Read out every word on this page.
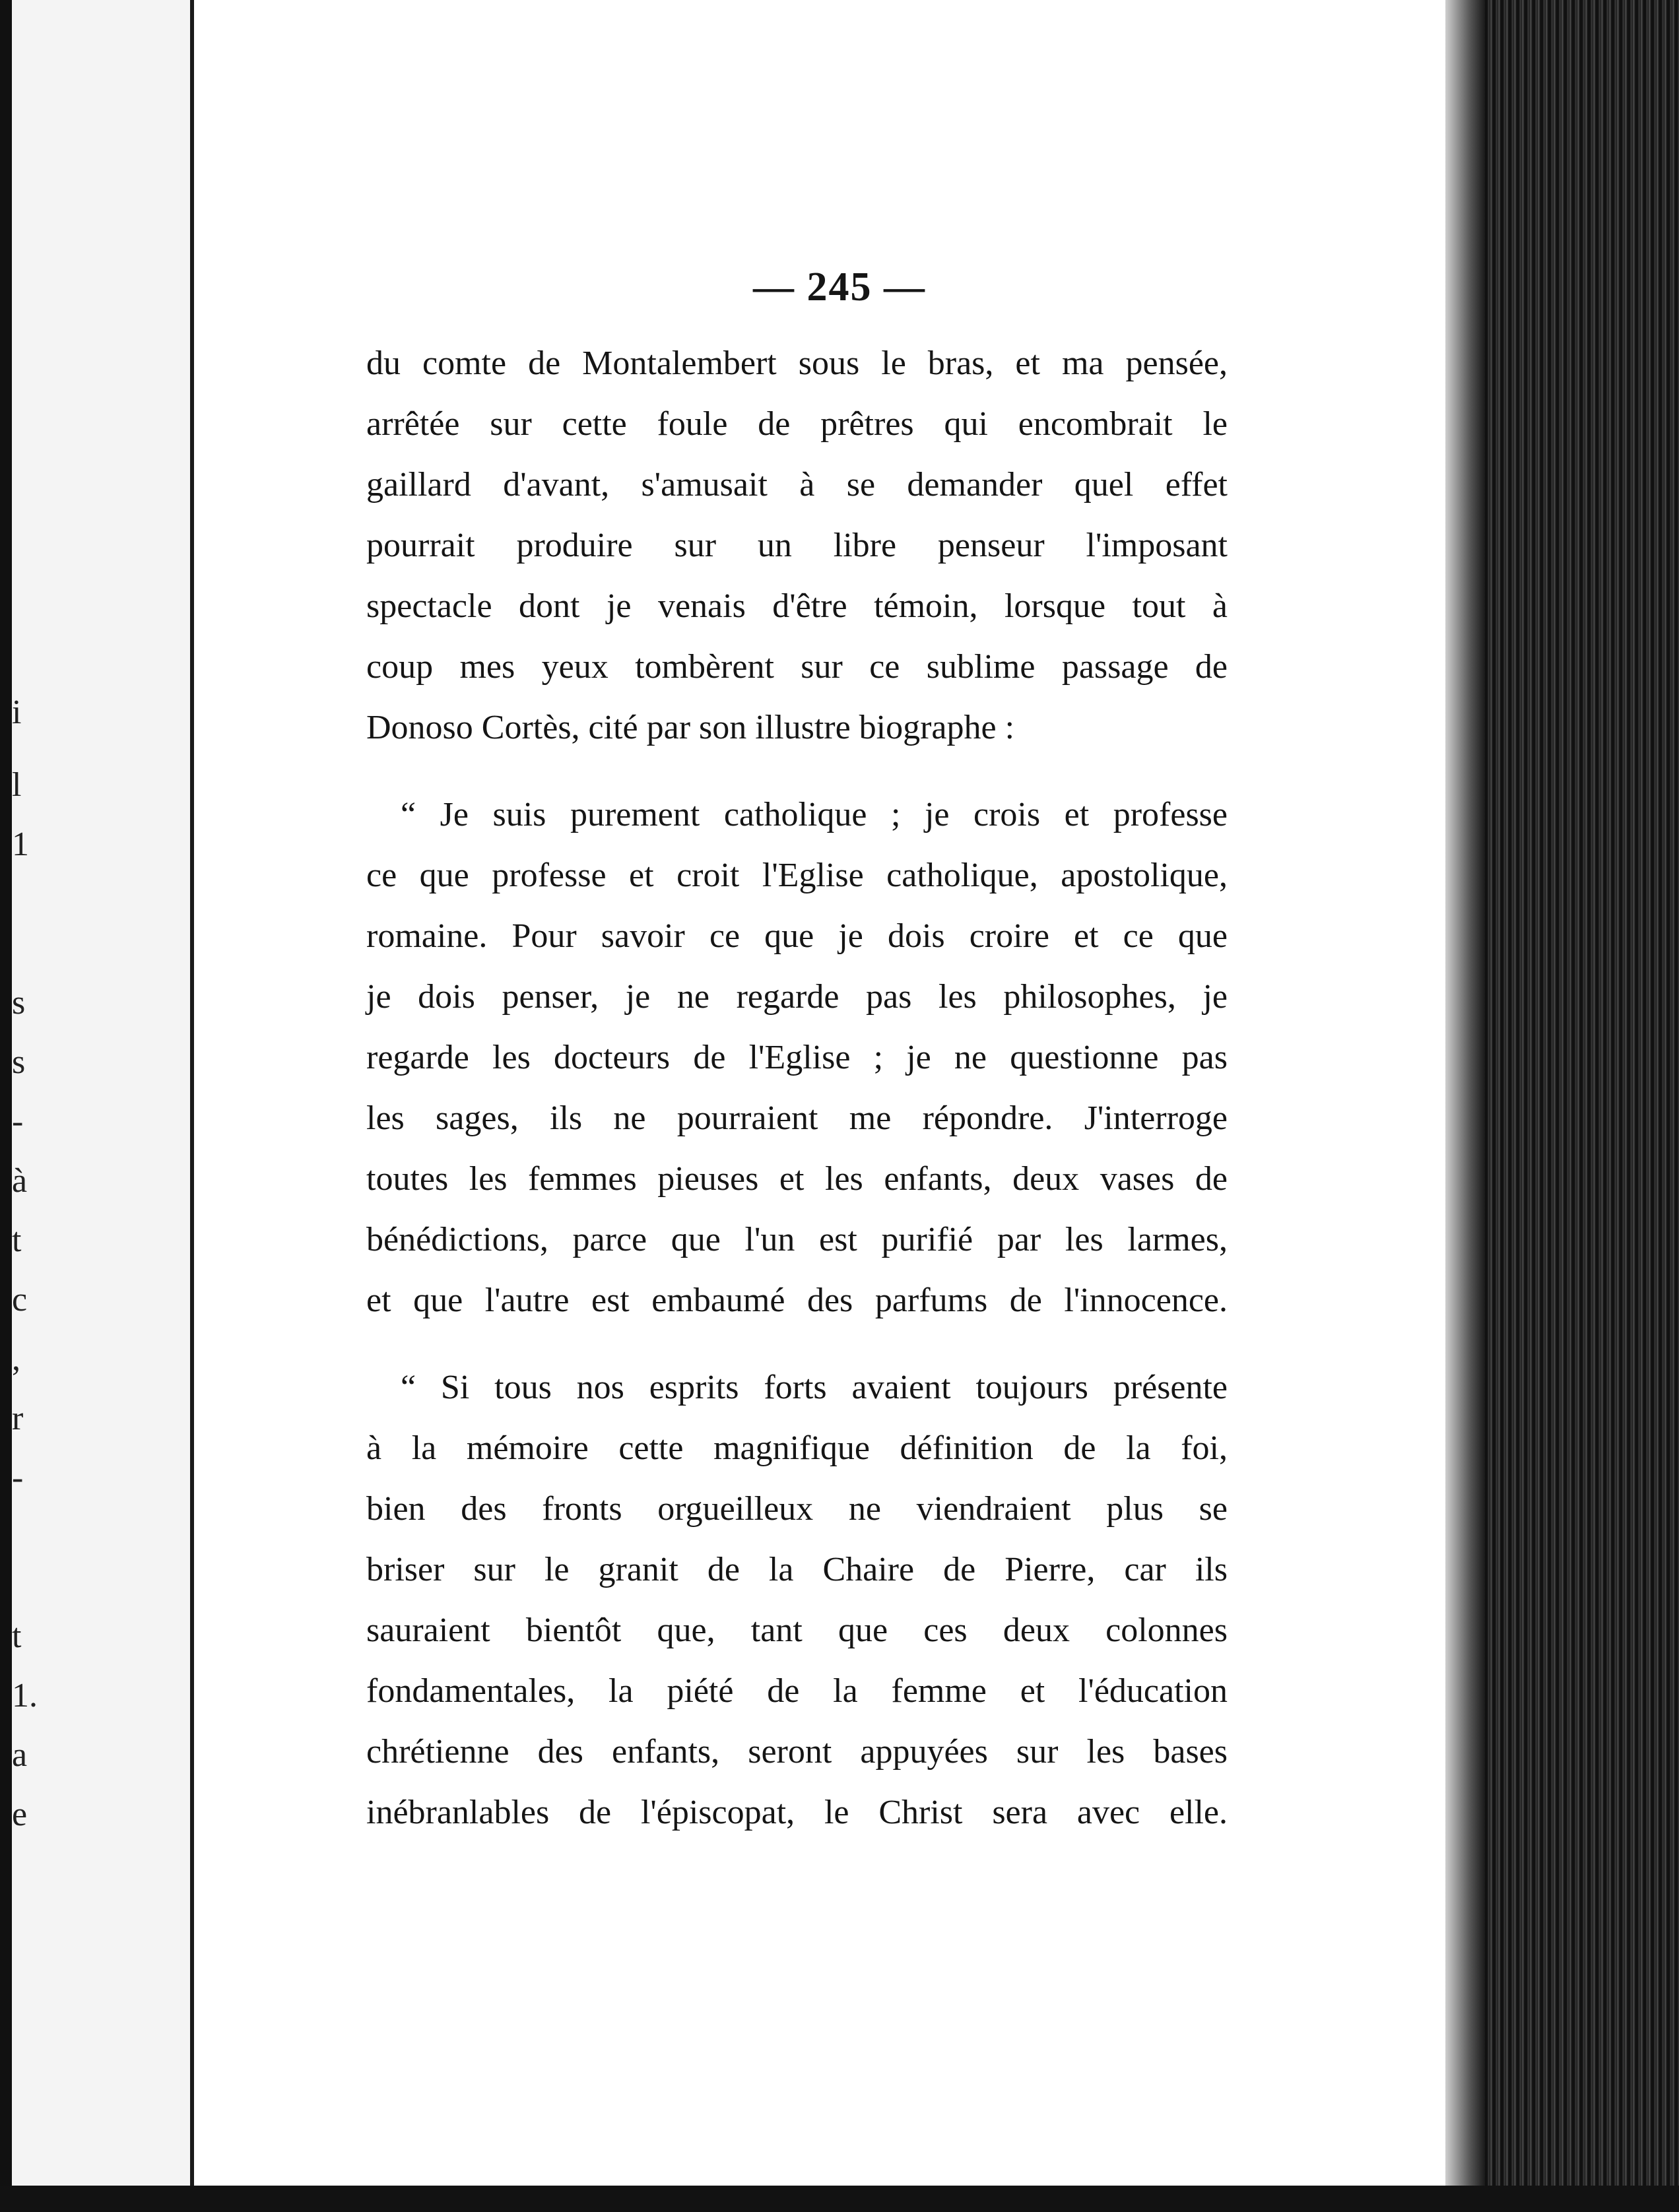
i
l
1
s
s
-
à
t
c
,
r
-
t
1.
a
e
— 245 —
du comte de Montalembert sous le bras, et ma pensée,
arrêtée sur cette foule de prêtres qui encombrait le
gaillard d'avant, s'amusait à se demander quel effet
pourrait produire sur un libre penseur l'imposant
spectacle dont je venais d'être témoin, lorsque tout à
coup mes yeux tombèrent sur ce sublime passage de
Donoso Cortès, cité par son illustre biographe :
“ Je suis purement catholique ; je crois et professe
ce que professe et croit l'Eglise catholique, apostolique,
romaine. Pour savoir ce que je dois croire et ce que
je dois penser, je ne regarde pas les philosophes, je
regarde les docteurs de l'Eglise ; je ne questionne pas
les sages, ils ne pourraient me répondre. J'interroge
toutes les femmes pieuses et les enfants, deux vases de
bénédictions, parce que l'un est purifié par les larmes,
et que l'autre est embaumé des parfums de l'innocence.
“ Si tous nos esprits forts avaient toujours présente
à la mémoire cette magnifique définition de la foi,
bien des fronts orgueilleux ne viendraient plus se
briser sur le granit de la Chaire de Pierre, car ils
sauraient bientôt que, tant que ces deux colonnes
fondamentales, la piété de la femme et l'éducation
chrétienne des enfants, seront appuyées sur les bases
inébranlables de l'épiscopat, le Christ sera avec elle.
